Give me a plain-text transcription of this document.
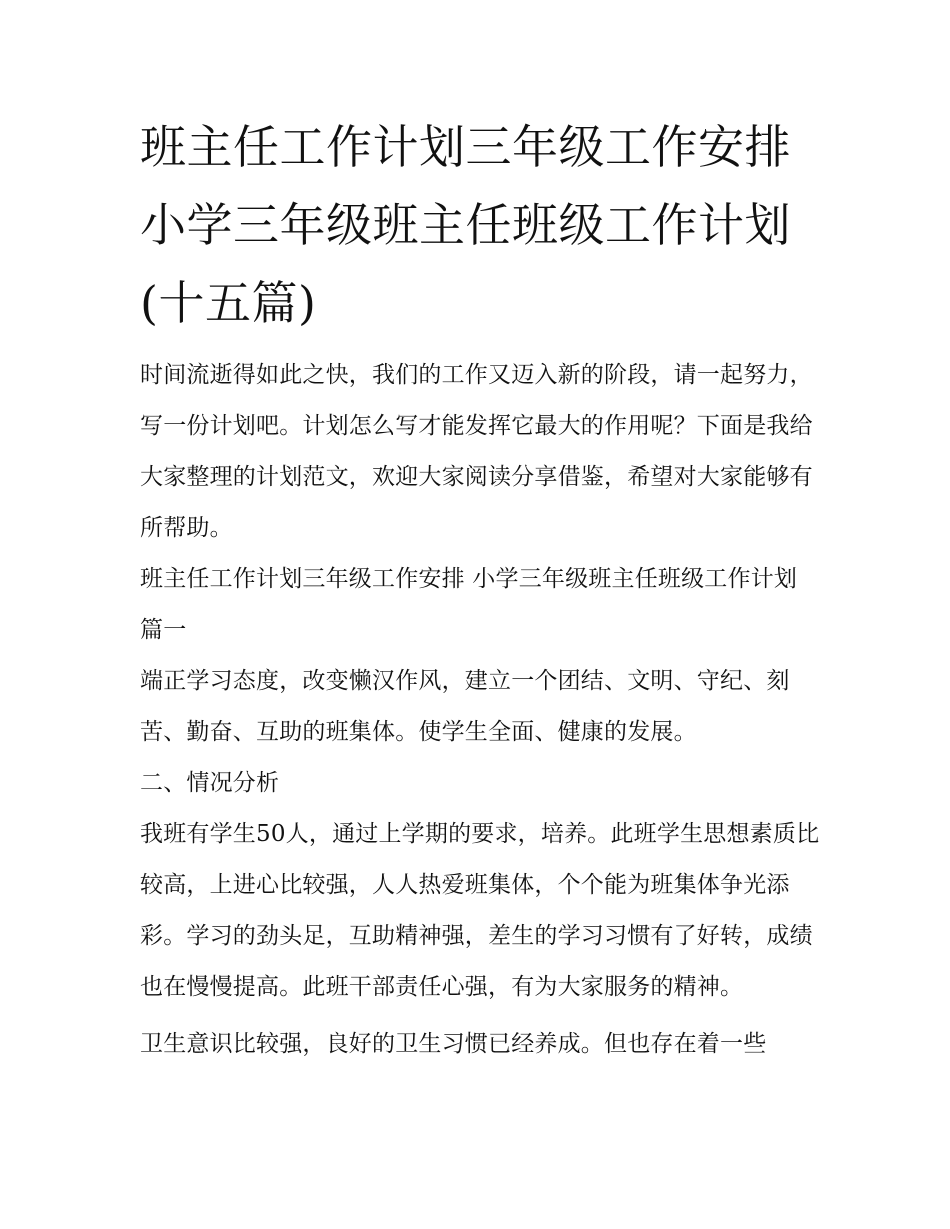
班主任工作计划三年级工作安排 小学三年级班主任班级工作计划(十五篇)

时间流逝得如此之快，我们的工作又迈入新的阶段，请一起努力，写一份计划吧。计划怎么写才能发挥它最大的作用呢？下面是我给大家整理的计划范文，欢迎大家阅读分享借鉴，希望对大家能够有所帮助。

班主任工作计划三年级工作安排 小学三年级班主任班级工作计划篇一

端正学习态度，改变懒汉作风，建立一个团结、文明、守纪、刻苦、勤奋、互助的班集体。使学生全面、健康的发展。

二、情况分析

我班有学生50人，通过上学期的要求，培养。此班学生思想素质比较高，上进心比较强，人人热爱班集体，个个能为班集体争光添彩。学习的劲头足，互助精神强，差生的学习习惯有了好转，成绩也在慢慢提高。此班干部责任心强，有为大家服务的精神。

卫生意识比较强，良好的卫生习惯已经养成。但也存在着一些
